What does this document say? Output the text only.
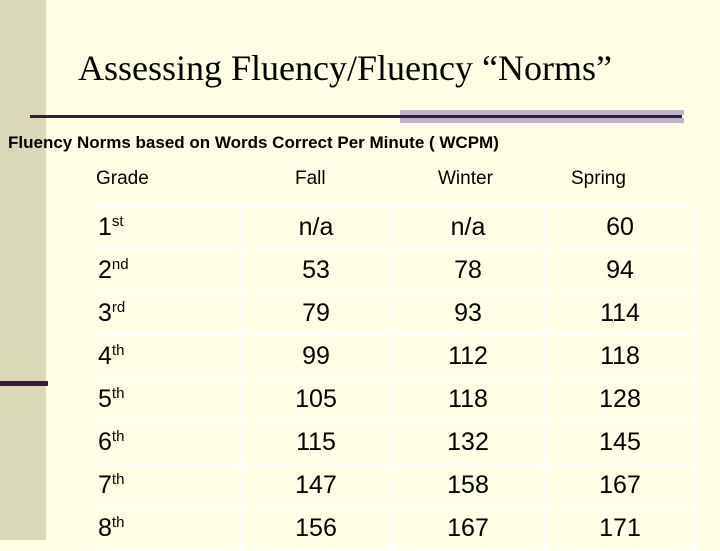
Assessing Fluency/Fluency “Norms”
Fluency Norms based on Words Correct Per Minute ( WCPM)
Grade	Fall	Winter	Spring
1st	n/a	n/a	60
2nd	53	78	94
3rd	79	93	114
4th	99	112	118
5th	105	118	128
6th	115	132	145
7th	147	158	167
8th	156	167	171
